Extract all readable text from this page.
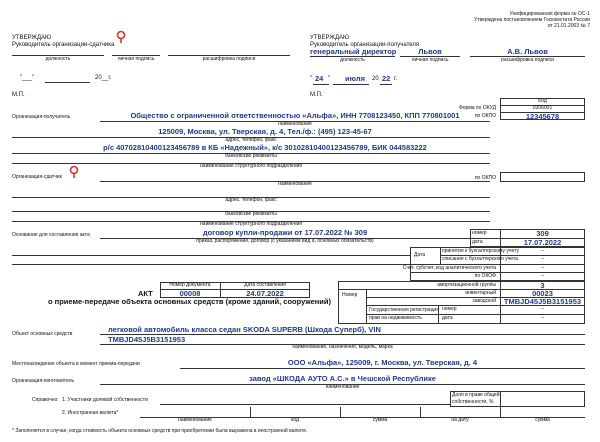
Унифицированная форма № ОС-1
Утверждена постановлением Госкомстата России
от 21.01.2003 № 7
УТВЕРЖДАЮ
Руководитель организации-сдатчика
должность	личная подпись	расшифровка подписи
"___"	20__г.
М.П.
УТВЕРЖДАЮ
Руководитель организации-получателя
генеральный директор	Львов	А.В. Львов
должность	личная подпись	расшифровка подписи
" 24 " июля 20 22 г.
М.П.
Код
Форма по ОКУД	0306001
по ОКПО	12345678
Организация-получатель	Общество с ограниченной ответственностью «Альфа», ИНН 7708123450, КПП 770801001
наименование
125009, Москва, ул. Тверская, д. 4, Тел./ф.: (495) 123-45-67
адрес, телефон, факс
р/с 40702810400123456789 в КБ «Надежный», к/с 30102810400123456789, БИК 044583222
банковские реквизиты
наименование структурного подразделения
Организация-сдатчик	по ОКПО
наименование
адрес, телефон, факс
банковские реквизиты
наименование структурного подразделения
Основание для составления акта	договор купли-продажи от 17.07.2022 № 309
приказ, распоряжение, договор (с указанием вид а, основных обязательств)
номер	309
дата	17.07.2022
Дата
принятия к бухгалтерскому учету	–
списания с бухгалтерского учета	–
Счет, субсчет, код аналитического учета	–
по ОКОФ	–
Номер документа	Дата составления
АКТ	00008	24.07.2022
о приеме-передаче объекта основных средств (кроме зданий, сооружений)
амортизационной группы	3
Номер	инвентарный	00023
заводской	TMBJD45J5B3151953
Государственная регистрация
прав на недвижимость
номер	–
дата	–
Объект основных средств	легковой автомобиль класса седан SKODA SUPERB (Шкода Суперб), VIN
TMBJD45J5B3151953
наименование, назначение, модель, марка
Местонахождение объекта в момент приема-передачи	ООО «Альфа», 125009, г. Москва, ул. Тверская, д. 4
Организация-изготовитель	завод «ШКОДА АУТО А.С.» в Чешской Республике
наименование
Доля в праве общей собственности, %
Справочно: 1. Участники долевой собственности
2. Иностранная валюта*
наименование	код	сумма	на дату	сумма
* Заполняется в случае, когда стоимость объекта основных средств при приобретении была выражена в иностранной валюте.
